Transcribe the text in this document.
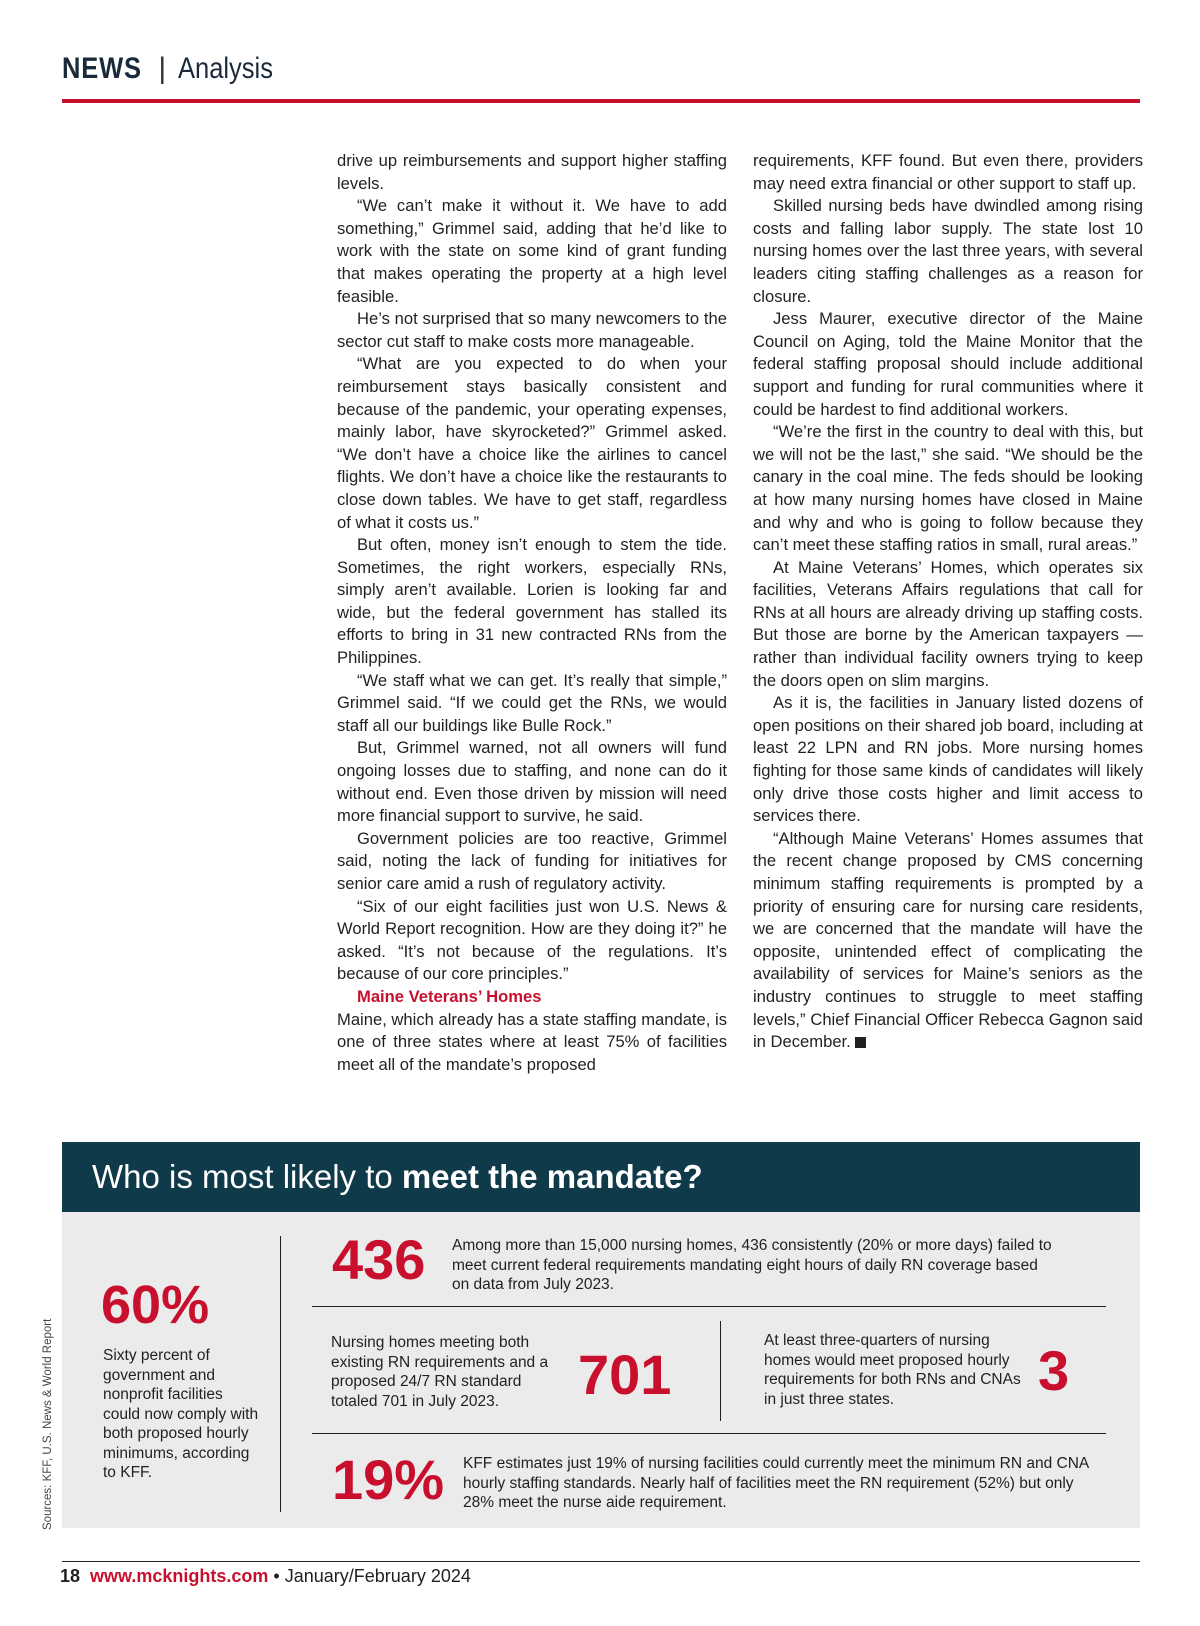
NEWS | Analysis

drive up reimbursements and support higher staffing levels.

“We can’t make it without it. We have to add something,” Grimmel said, adding that he’d like to work with the state on some kind of grant funding that makes operating the property at a high level feasible.

He’s not surprised that so many newcomers to the sector cut staff to make costs more manageable.

“What are you expected to do when your reimbursement stays basically consistent and because of the pandemic, your operating expenses, mainly labor, have skyrocketed?” Grimmel asked. “We don’t have a choice like the airlines to cancel flights. We don’t have a choice like the restaurants to close down tables. We have to get staff, regardless of what it costs us.”

But often, money isn’t enough to stem the tide. Sometimes, the right workers, especially RNs, simply aren’t available. Lorien is looking far and wide, but the federal government has stalled its efforts to bring in 31 new contracted RNs from the Philippines.

“We staff what we can get. It’s really that simple,” Grimmel said. “If we could get the RNs, we would staff all our buildings like Bulle Rock.”

But, Grimmel warned, not all owners will fund ongoing losses due to staffing, and none can do it without end. Even those driven by mission will need more financial support to survive, he said.

Government policies are too reactive, Grimmel said, noting the lack of funding for initiatives for senior care amid a rush of regulatory activity.

“Six of our eight facilities just won U.S. News & World Report recognition. How are they doing it?” he asked. “It’s not because of the regulations. It’s because of our core principles.”

Maine Veterans’ Homes

Maine, which already has a state staffing mandate, is one of three states where at least 75% of facilities meet all of the mandate’s proposed

requirements, KFF found. But even there, providers may need extra financial or other support to staff up.

Skilled nursing beds have dwindled among rising costs and falling labor supply. The state lost 10 nursing homes over the last three years, with several leaders citing staffing challenges as a reason for closure.

Jess Maurer, executive director of the Maine Council on Aging, told the Maine Monitor that the federal staffing proposal should include additional support and funding for rural communities where it could be hardest to find additional workers.

“We’re the first in the country to deal with this, but we will not be the last,” she said. “We should be the canary in the coal mine. The feds should be looking at how many nursing homes have closed in Maine and why and who is going to follow because they can’t meet these staffing ratios in small, rural areas.”

At Maine Veterans’ Homes, which operates six facilities, Veterans Affairs regulations that call for RNs at all hours are already driving up staffing costs. But those are borne by the American taxpayers — rather than individual facility owners trying to keep the doors open on slim margins.

As it is, the facilities in January listed dozens of open positions on their shared job board, including at least 22 LPN and RN jobs. More nursing homes fighting for those same kinds of candidates will likely only drive those costs higher and limit access to services there.

“Although Maine Veterans’ Homes assumes that the recent change proposed by CMS concerning minimum staffing requirements is prompted by a priority of ensuring care for nursing care residents, we are concerned that the mandate will have the opposite, unintended effect of complicating the availability of services for Maine’s seniors as the industry continues to struggle to meet staffing levels,” Chief Financial Officer Rebecca Gagnon said in December.

Who is most likely to meet the mandate?
Sources: KFF, U.S. News & World Report
60%
Sixty percent of government and nonprofit facilities could now comply with both proposed hourly minimums, according to KFF.
436 Among more than 15,000 nursing homes, 436 consistently (20% or more days) failed to meet current federal requirements mandating eight hours of daily RN coverage based on data from July 2023.
Nursing homes meeting both existing RN requirements and a proposed 24/7 RN standard totaled 701 in July 2023.	701
At least three-quarters of nursing homes would meet proposed hourly requirements for both RNs and CNAs in just three states.	3
19% KFF estimates just 19% of nursing facilities could currently meet the minimum RN and CNA hourly staffing standards. Nearly half of facilities meet the RN requirement (52%) but only 28% meet the nurse aide requirement.
18 www.mcknights.com • January/February 2024
